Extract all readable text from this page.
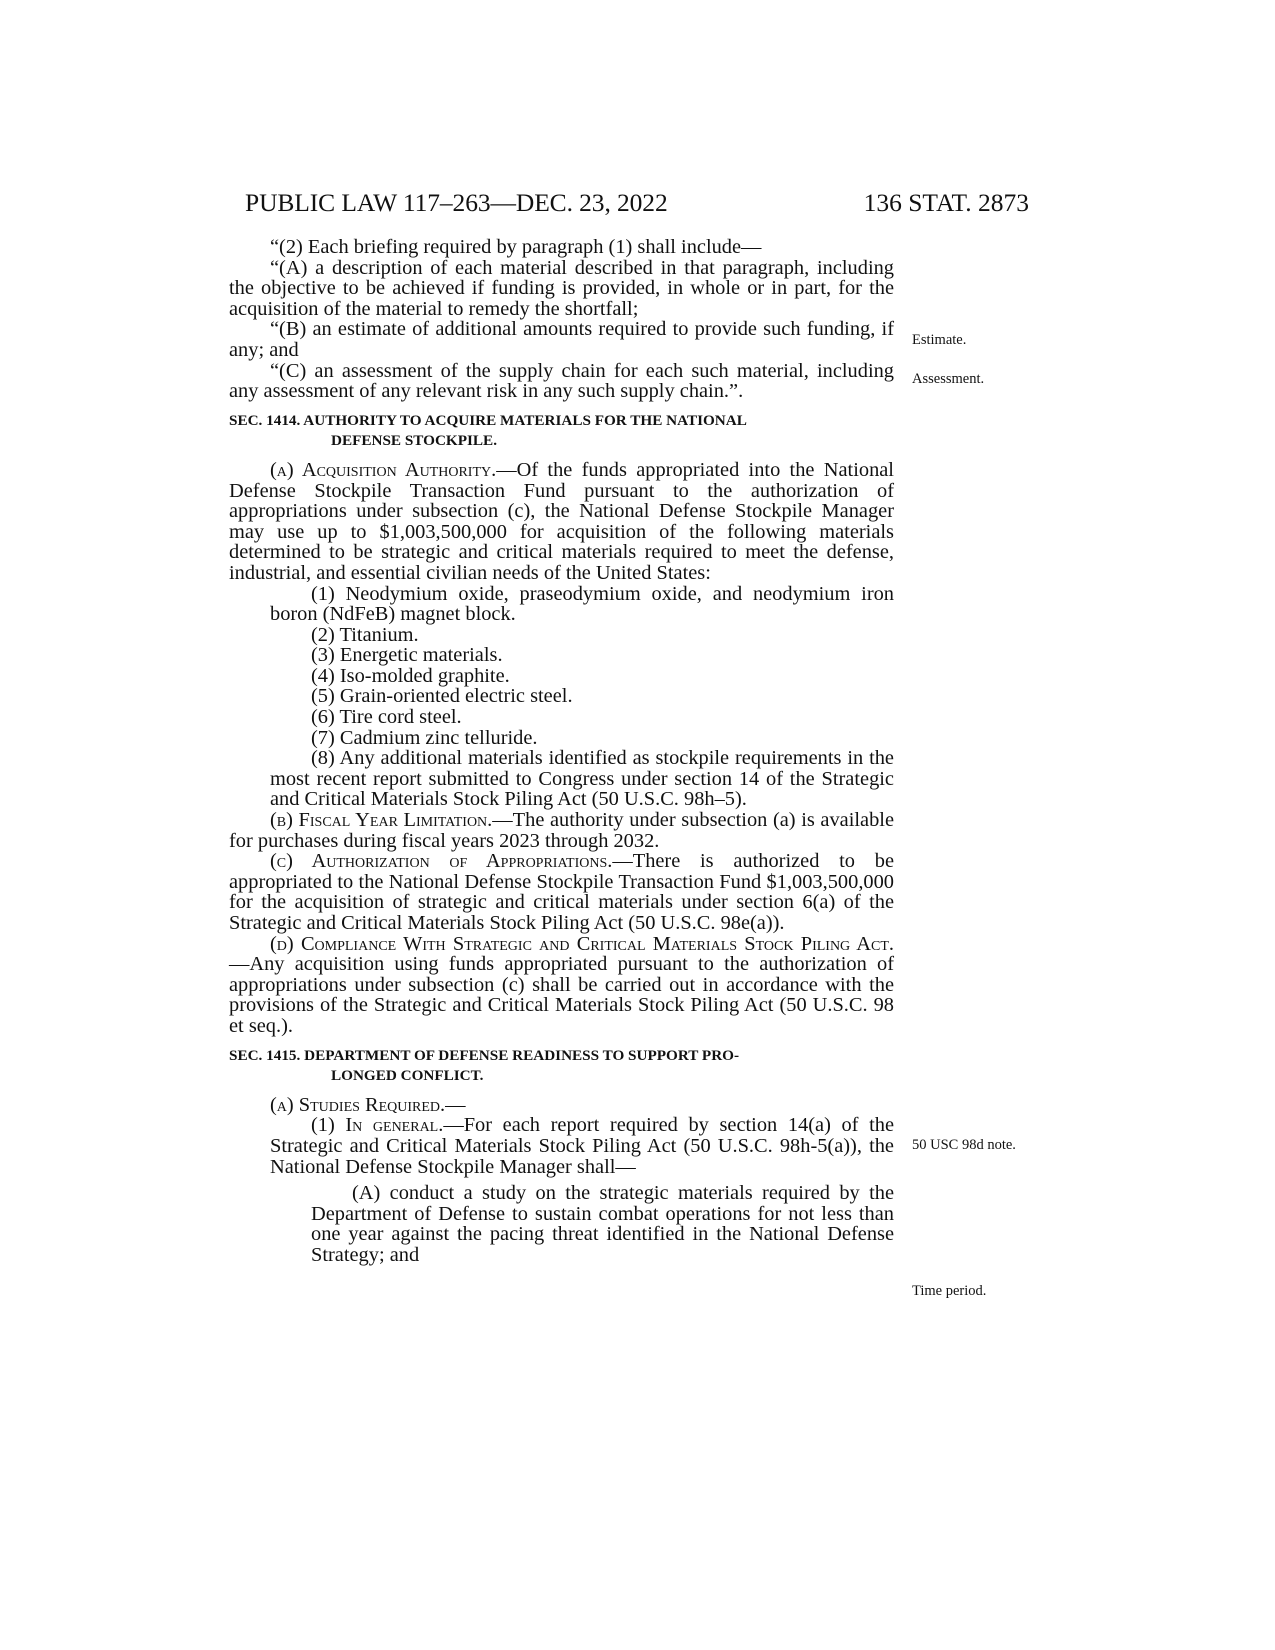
PUBLIC LAW 117–263—DEC. 23, 2022	136 STAT. 2873
Estimate.
Assessment.
50 USC 98d note.
Time period.

“(2) Each briefing required by paragraph (1) shall include—

“(A) a description of each material described in that paragraph, including the objective to be achieved if funding is provided, in whole or in part, for the acquisition of the material to remedy the shortfall;

“(B) an estimate of additional amounts required to provide such funding, if any; and

“(C) an assessment of the supply chain for each such material, including any assessment of any relevant risk in any such supply chain.”.

SEC. 1414. AUTHORITY TO ACQUIRE MATERIALS FOR THE NATIONAL
DEFENSE STOCKPILE.

(a) Acquisition Authority.—Of the funds appropriated into the National Defense Stockpile Transaction Fund pursuant to the authorization of appropriations under subsection (c), the National Defense Stockpile Manager may use up to $1,003,500,000 for acquisition of the following materials determined to be strategic and critical materials required to meet the defense, industrial, and essential civilian needs of the United States:

(1) Neodymium oxide, praseodymium oxide, and neodymium iron boron (NdFeB) magnet block.

(2) Titanium.

(3) Energetic materials.

(4) Iso-molded graphite.

(5) Grain-oriented electric steel.

(6) Tire cord steel.

(7) Cadmium zinc telluride.

(8) Any additional materials identified as stockpile requirements in the most recent report submitted to Congress under section 14 of the Strategic and Critical Materials Stock Piling Act (50 U.S.C. 98h–5).

(b) Fiscal Year Limitation.—The authority under subsection (a) is available for purchases during fiscal years 2023 through 2032.

(c) Authorization of Appropriations.—There is authorized to be appropriated to the National Defense Stockpile Transaction Fund $1,003,500,000 for the acquisition of strategic and critical materials under section 6(a) of the Strategic and Critical Materials Stock Piling Act (50 U.S.C. 98e(a)).

(d) Compliance With Strategic and Critical Materials Stock Piling Act.—Any acquisition using funds appropriated pursuant to the authorization of appropriations under subsection (c) shall be carried out in accordance with the provisions of the Strategic and Critical Materials Stock Piling Act (50 U.S.C. 98 et seq.).

SEC. 1415. DEPARTMENT OF DEFENSE READINESS TO SUPPORT PRO-
LONGED CONFLICT.

(a) Studies Required.—

(1) In general.—For each report required by section 14(a) of the Strategic and Critical Materials Stock Piling Act (50 U.S.C. 98h-5(a)), the National Defense Stockpile Manager shall—

(A) conduct a study on the strategic materials required by the Department of Defense to sustain combat operations for not less than one year against the pacing threat identified in the National Defense Strategy; and
